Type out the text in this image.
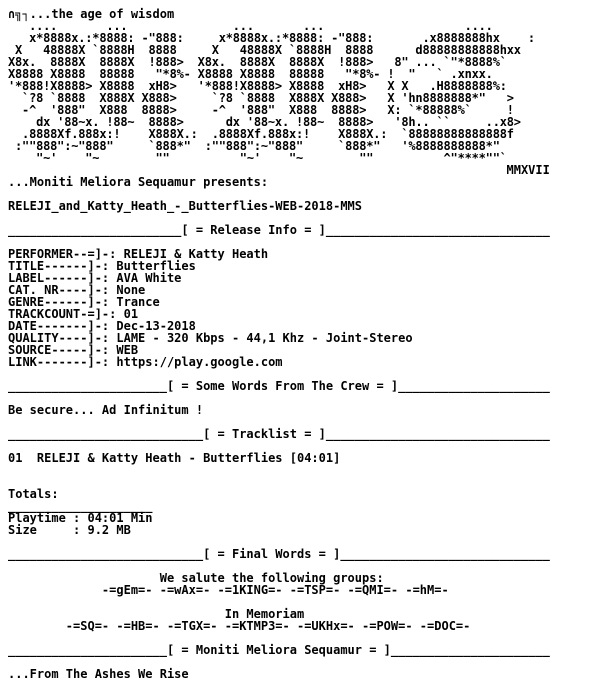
∩╗┐...the age of wisdom
....       ...               ...       ...                    ....
x*8888x.:*8888: -"888:     x*8888x.:*8888: -"888:       .x8888888hx    :
X   48888X `8888H  8888     X   48888X `8888H  8888      d88888888888hxx
X8x.  8888X  8888X  !888>  X8x.  8888X  8888X  !888>   8" ... `"*8888%`
X8888 X8888  88888   "*8%- X8888 X8888  88888   "*8%- !  "   ` .xnxx.
'*888!X8888> X8888  xH8>   '*888!X8888> X8888  xH8>   X X   .H8888888%:
`?8 `8888  X888X X888>     `?8 `8888  X888X X888>   X 'hn8888888*"   >
-^  '888"  X888  8888>     -^  '888"  X888  8888>   X: `*88888%`     !
dx '88~x. !88~  8888>      dx '88~x. !88~  8888>   '8h.. ``     ..x8>
.8888Xf.888x:!    X888X.:  .8888Xf.888x:!    X888X.:  `88888888888888f
:""888":~"888"     `888*"  :""888":~"888"     `888*"   '%8888888888*"
"~'    "~        ""          "~'    "~        ""          ^"****""`
MMXVII
...Moniti Meliora Sequamur presents:
RELEJI_and_Katty_Heath_-_Butterflies-WEB-2018-MMS
________________________[ = Release Info = ]_______________________________
PERFORMER--=]-: RELEJI & Katty Heath
TITLE------]-: Butterflies
LABEL------]-: AVA White
CAT. NR----]-: None
GENRE------]-: Trance
TRACKCOUNT-=]-: 01
DATE-------]-: Dec-13-2018
QUALITY----]-: LAME - 320 Kbps - 44,1 Khz - Joint-Stereo
SOURCE-----]-: WEB
LINK-------]-: https://play.google.com
______________________[ = Some Words From The Crew = ]_____________________
Be secure... Ad Infinitum !
___________________________[ = Tracklist = ]_______________________________
01  RELEJI & Katty Heath - Butterflies [04:01]
Totals:
____________________
Playtime : 04:01 Min
Size     : 9.2 MB
___________________________[ = Final Words = ]_____________________________
We salute the following groups:
-=gEm=- -=wAx=- -=1KING=- -=TSP=- -=QMI=- -=hM=-
In Memoriam
-=SQ=- -=HB=- -=TGX=- -=KTMP3=- -=UKHx=- -=POW=- -=DOC=-
______________________[ = Moniti Meliora Sequamur = ]______________________
...From The Ashes We Rise
